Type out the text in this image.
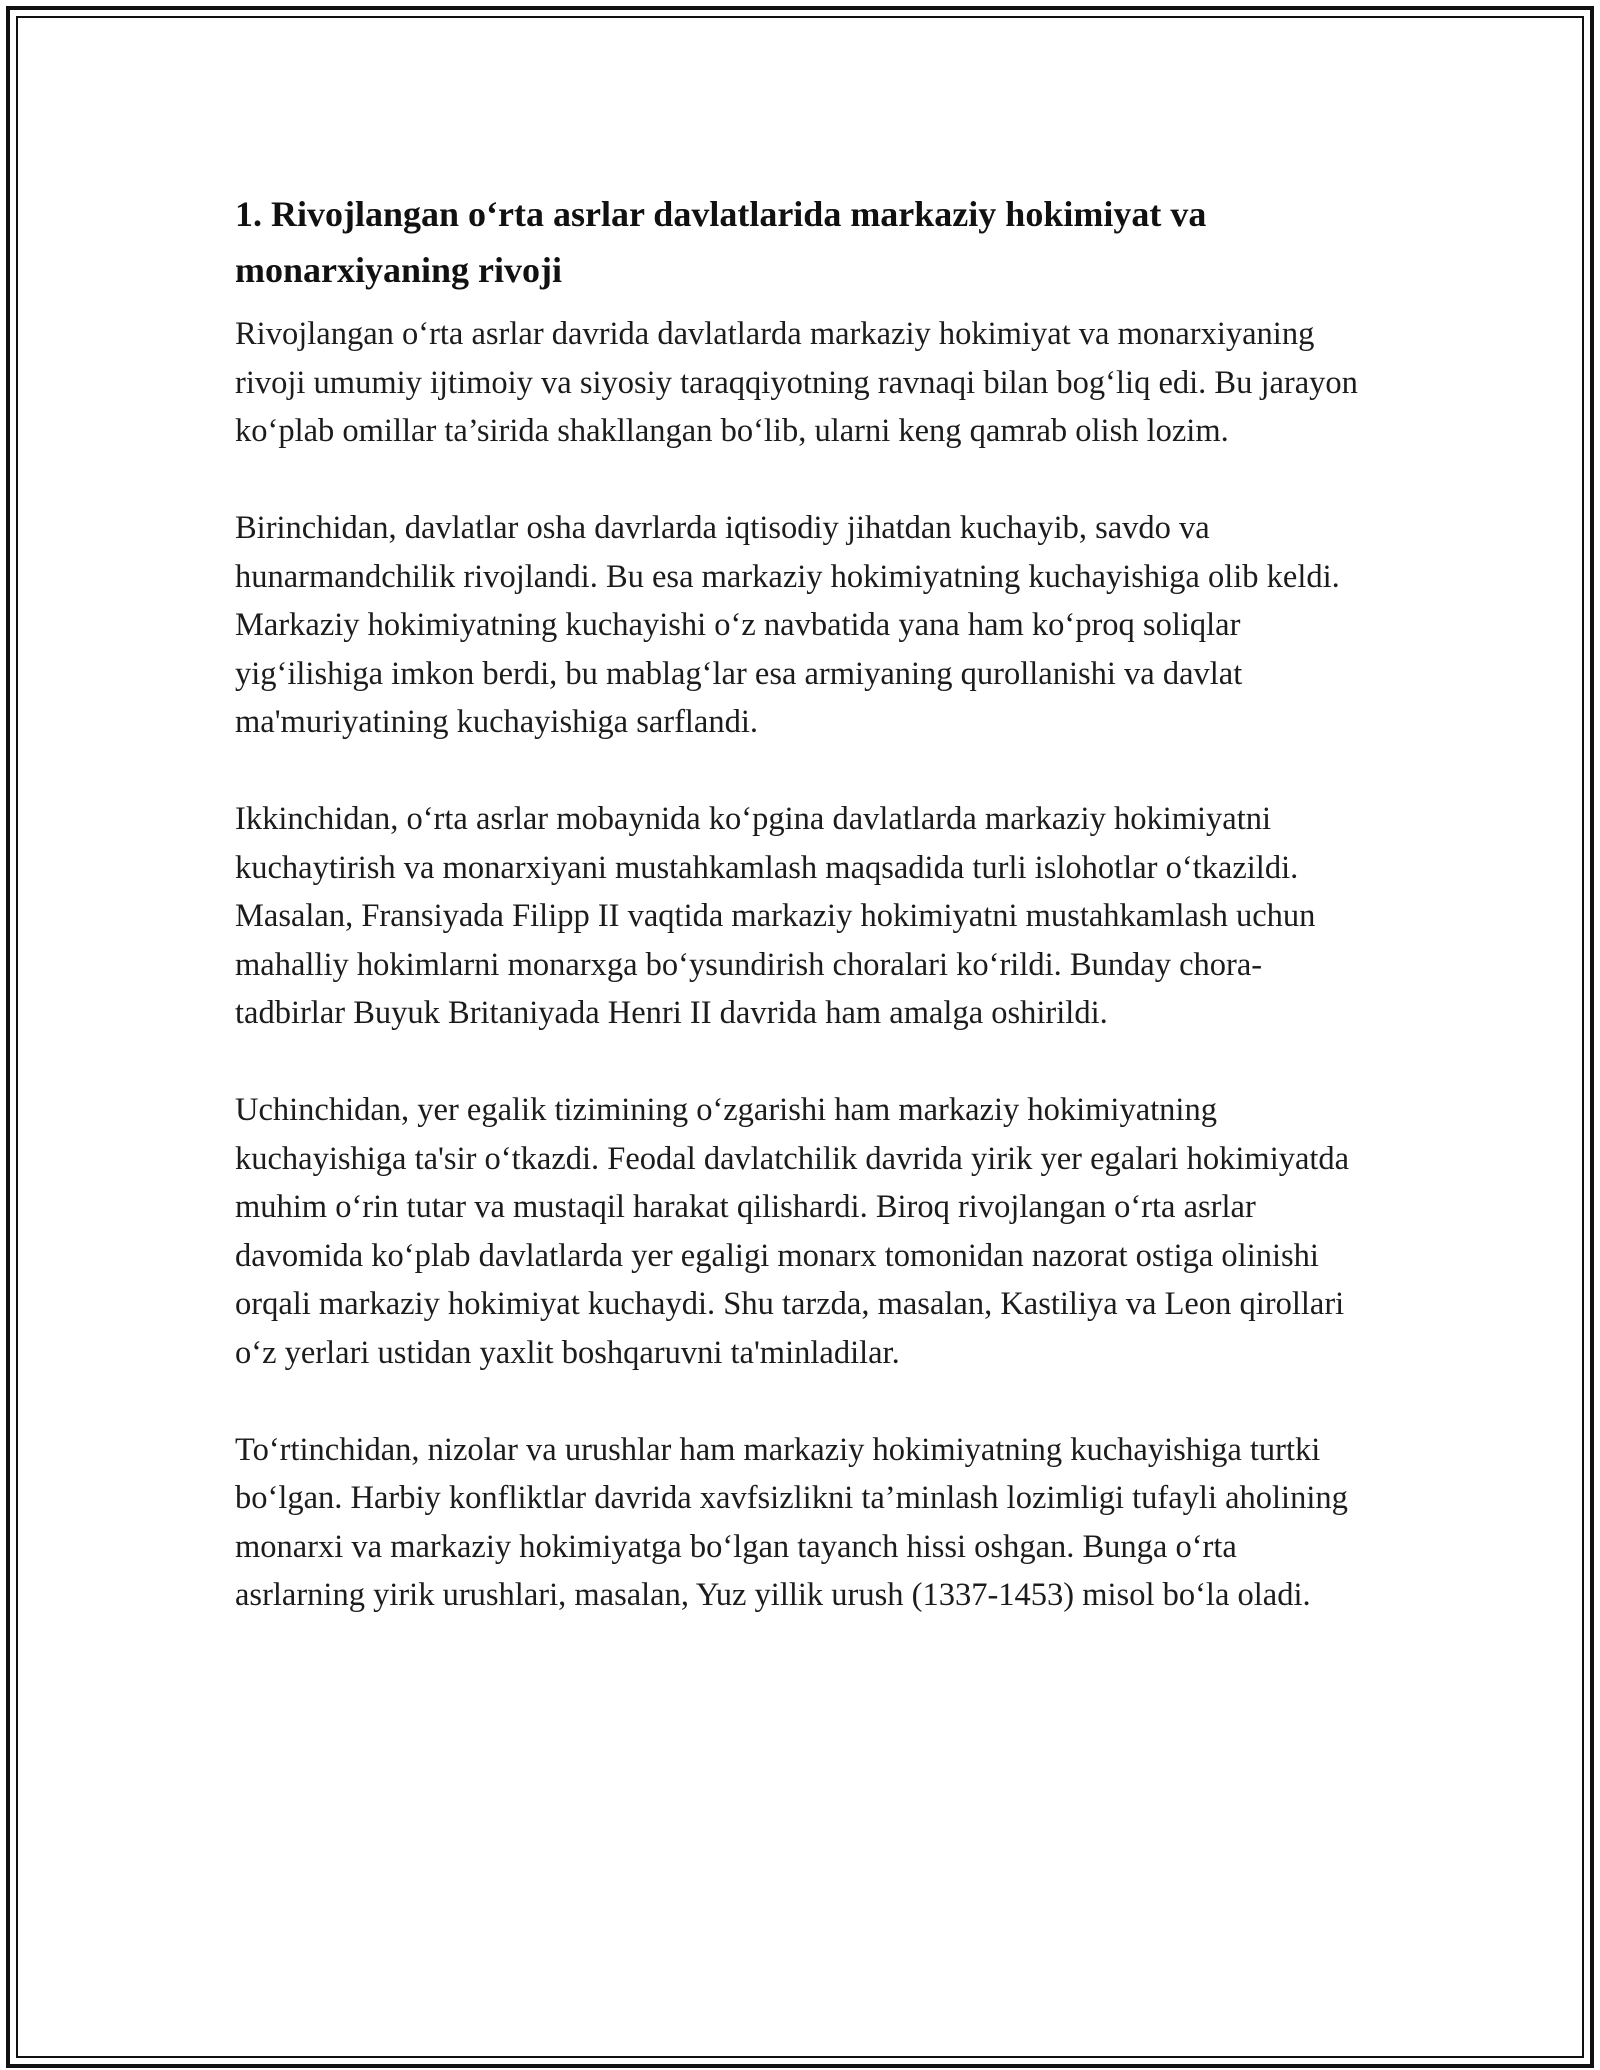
1. Rivojlangan o‘rta asrlar davlatlarida markaziy hokimiyat va monarxiyaning rivoji

Rivojlangan o‘rta asrlar davrida davlatlarda markaziy hokimiyat va monarxiyaning rivoji umumiy ijtimoiy va siyosiy taraqqiyotning ravnaqi bilan bog‘liq edi. Bu jarayon ko‘plab omillar ta’sirida shakllangan bo‘lib, ularni keng qamrab olish lozim.

Birinchidan, davlatlar osha davrlarda iqtisodiy jihatdan kuchayib, savdo va hunarmandchilik rivojlandi. Bu esa markaziy hokimiyatning kuchayishiga olib keldi. Markaziy hokimiyatning kuchayishi o‘z navbatida yana ham ko‘proq soliqlar yig‘ilishiga imkon berdi, bu mablag‘lar esa armiyaning qurollanishi va davlat ma'muriyatining kuchayishiga sarflandi.

Ikkinchidan, o‘rta asrlar mobaynida ko‘pgina davlatlarda markaziy hokimiyatni kuchaytirish va monarxiyani mustahkamlash maqsadida turli islohotlar o‘tkazildi. Masalan, Fransiyada Filipp II vaqtida markaziy hokimiyatni mustahkamlash uchun mahalliy hokimlarni monarxga bo‘ysundirish choralari ko‘rildi. Bunday chora-tadbirlar Buyuk Britaniyada Henri II davrida ham amalga oshirildi.

Uchinchidan, yer egalik tizimining o‘zgarishi ham markaziy hokimiyatning kuchayishiga ta'sir o‘tkazdi. Feodal davlatchilik davrida yirik yer egalari hokimiyatda muhim o‘rin tutar va mustaqil harakat qilishardi. Biroq rivojlangan o‘rta asrlar davomida ko‘plab davlatlarda yer egaligi monarx tomonidan nazorat ostiga olinishi orqali markaziy hokimiyat kuchaydi. Shu tarzda, masalan, Kastiliya va Leon qirollari o‘z yerlari ustidan yaxlit boshqaruvni ta'minladilar.

To‘rtinchidan, nizolar va urushlar ham markaziy hokimiyatning kuchayishiga turtki bo‘lgan. Harbiy konfliktlar davrida xavfsizlikni ta’minlash lozimligi tufayli aholining monarxi va markaziy hokimiyatga bo‘lgan tayanch hissi oshgan. Bunga o‘rta asrlarning yirik urushlari, masalan, Yuz yillik urush (1337-1453) misol bo‘la oladi.
